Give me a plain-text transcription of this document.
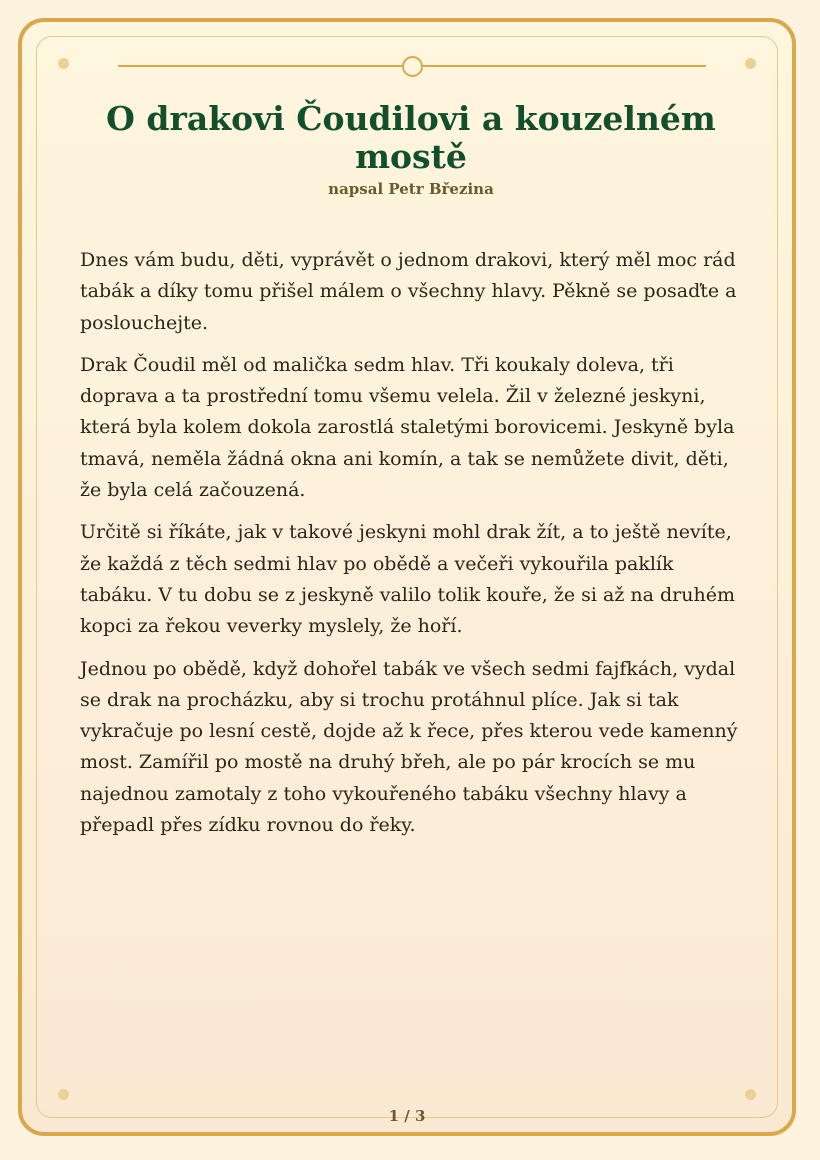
O drakovi Čoudilovi a kouzelném mostě
napsal Petr Březina

Dnes vám budu, děti, vyprávět o jednom drakovi, který měl moc rád tabák a díky tomu přišel málem o všechny hlavy. Pěkně se posaďte a poslouchejte.

Drak Čoudil měl od malička sedm hlav. Tři koukaly doleva, tři doprava a ta prostřední tomu všemu velela. Žil v železné jeskyni, která byla kolem dokola zarostlá staletými borovicemi. Jeskyně byla tmavá, neměla žádná okna ani komín, a tak se nemůžete divit, děti, že byla celá začouzená.

Určitě si říkáte, jak v takové jeskyni mohl drak žít, a to ještě nevíte, že každá z těch sedmi hlav po obědě a večeři vykouřila paklík tabáku. V tu dobu se z jeskyně valilo tolik kouře, že si až na druhém kopci za řekou veverky myslely, že hoří.

Jednou po obědě, když dohořel tabák ve všech sedmi fajfkách, vydal se drak na procházku, aby si trochu protáhnul plíce. Jak si tak vykračuje po lesní cestě, dojde až k řece, přes kterou vede kamenný most. Zamířil po mostě na druhý břeh, ale po pár krocích se mu najednou zamotaly z toho vykouřeného tabáku všechny hlavy a přepadl přes zídku rovnou do řeky.

1 / 3
